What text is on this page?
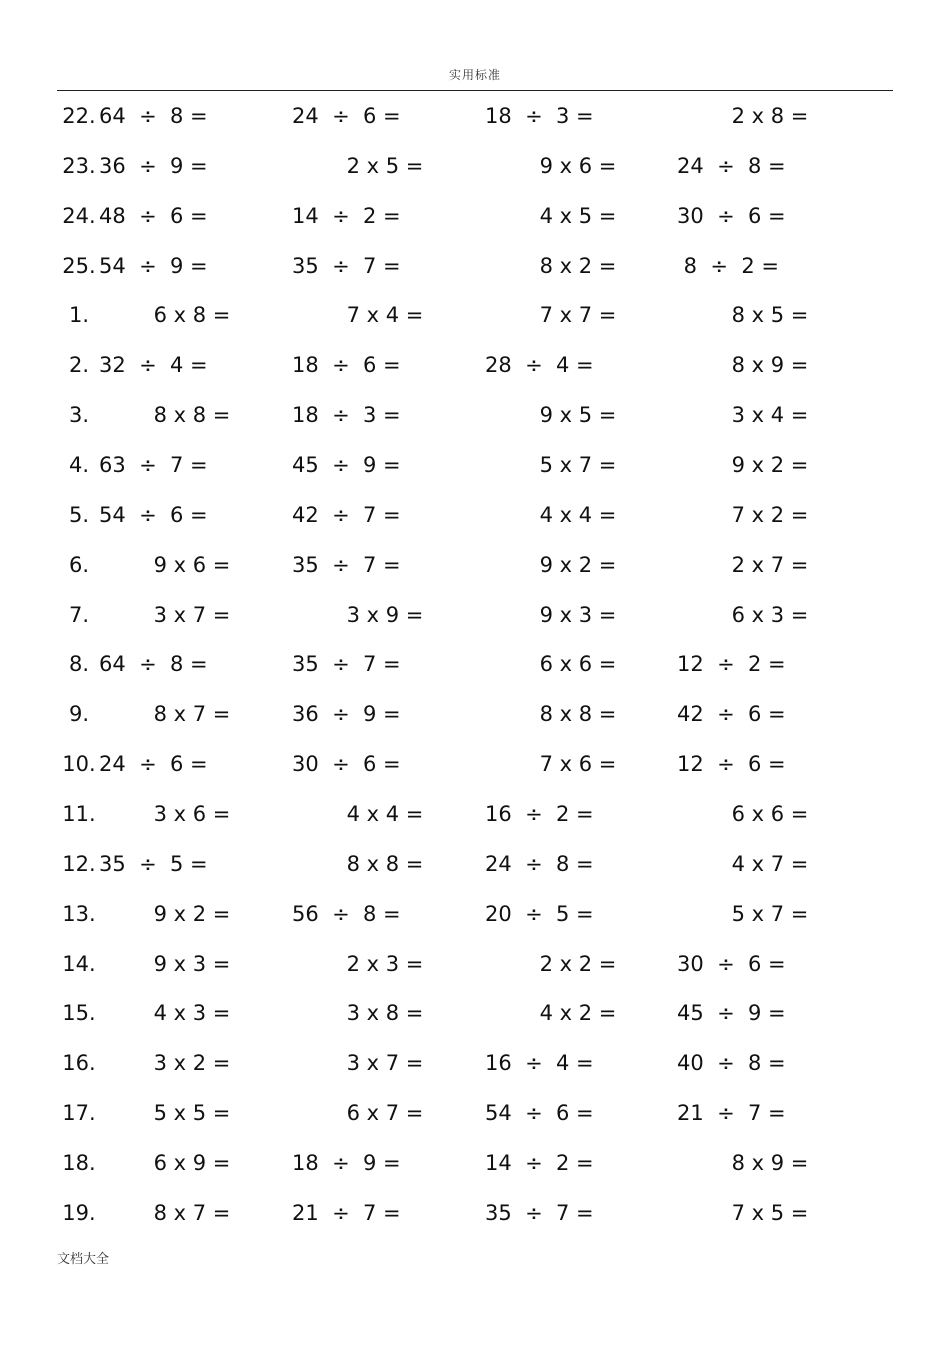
实用标准
22. 64  ÷  8 =	24  ÷  6 =	18  ÷  3 =	2 x 8 =
23. 36  ÷  9 =	2 x 5 =	9 x 6 =	24  ÷  8 =
24. 48  ÷  6 =	14  ÷  2 =	4 x 5 =	30  ÷  6 =
25. 54  ÷  9 =	35  ÷  7 =	8 x 2 =	8  ÷  2 =
1.	6 x 8 =	7 x 4 =	7 x 7 =	8 x 5 =
2. 32  ÷  4 =	18  ÷  6 =	28  ÷  4 =	8 x 9 =
3.	8 x 8 =	18  ÷  3 =	9 x 5 =	3 x 4 =
4. 63  ÷  7 =	45  ÷  9 =	5 x 7 =	9 x 2 =
5. 54  ÷  6 =	42  ÷  7 =	4 x 4 =	7 x 2 =
6.	9 x 6 =	35  ÷  7 =	9 x 2 =	2 x 7 =
7.	3 x 7 =	3 x 9 =	9 x 3 =	6 x 3 =
8. 64  ÷  8 =	35  ÷  7 =	6 x 6 =	12  ÷  2 =
9.	8 x 7 =	36  ÷  9 =	8 x 8 =	42  ÷  6 =
10. 24  ÷  6 =	30  ÷  6 =	7 x 6 =	12  ÷  6 =
11.	3 x 6 =	4 x 4 =	16  ÷  2 =	6 x 6 =
12. 35  ÷  5 =	8 x 8 =	24  ÷  8 =	4 x 7 =
13.	9 x 2 =	56  ÷  8 =	20  ÷  5 =	5 x 7 =
14.	9 x 3 =	2 x 3 =	2 x 2 =	30  ÷  6 =
15.	4 x 3 =	3 x 8 =	4 x 2 =	45  ÷  9 =
16.	3 x 2 =	3 x 7 =	16  ÷  4 =	40  ÷  8 =
17.	5 x 5 =	6 x 7 =	54  ÷  6 =	21  ÷  7 =
18.	6 x 9 =	18  ÷  9 =	14  ÷  2 =	8 x 9 =
19.	8 x 7 =	21  ÷  7 =	35  ÷  7 =	7 x 5 =
文档大全
